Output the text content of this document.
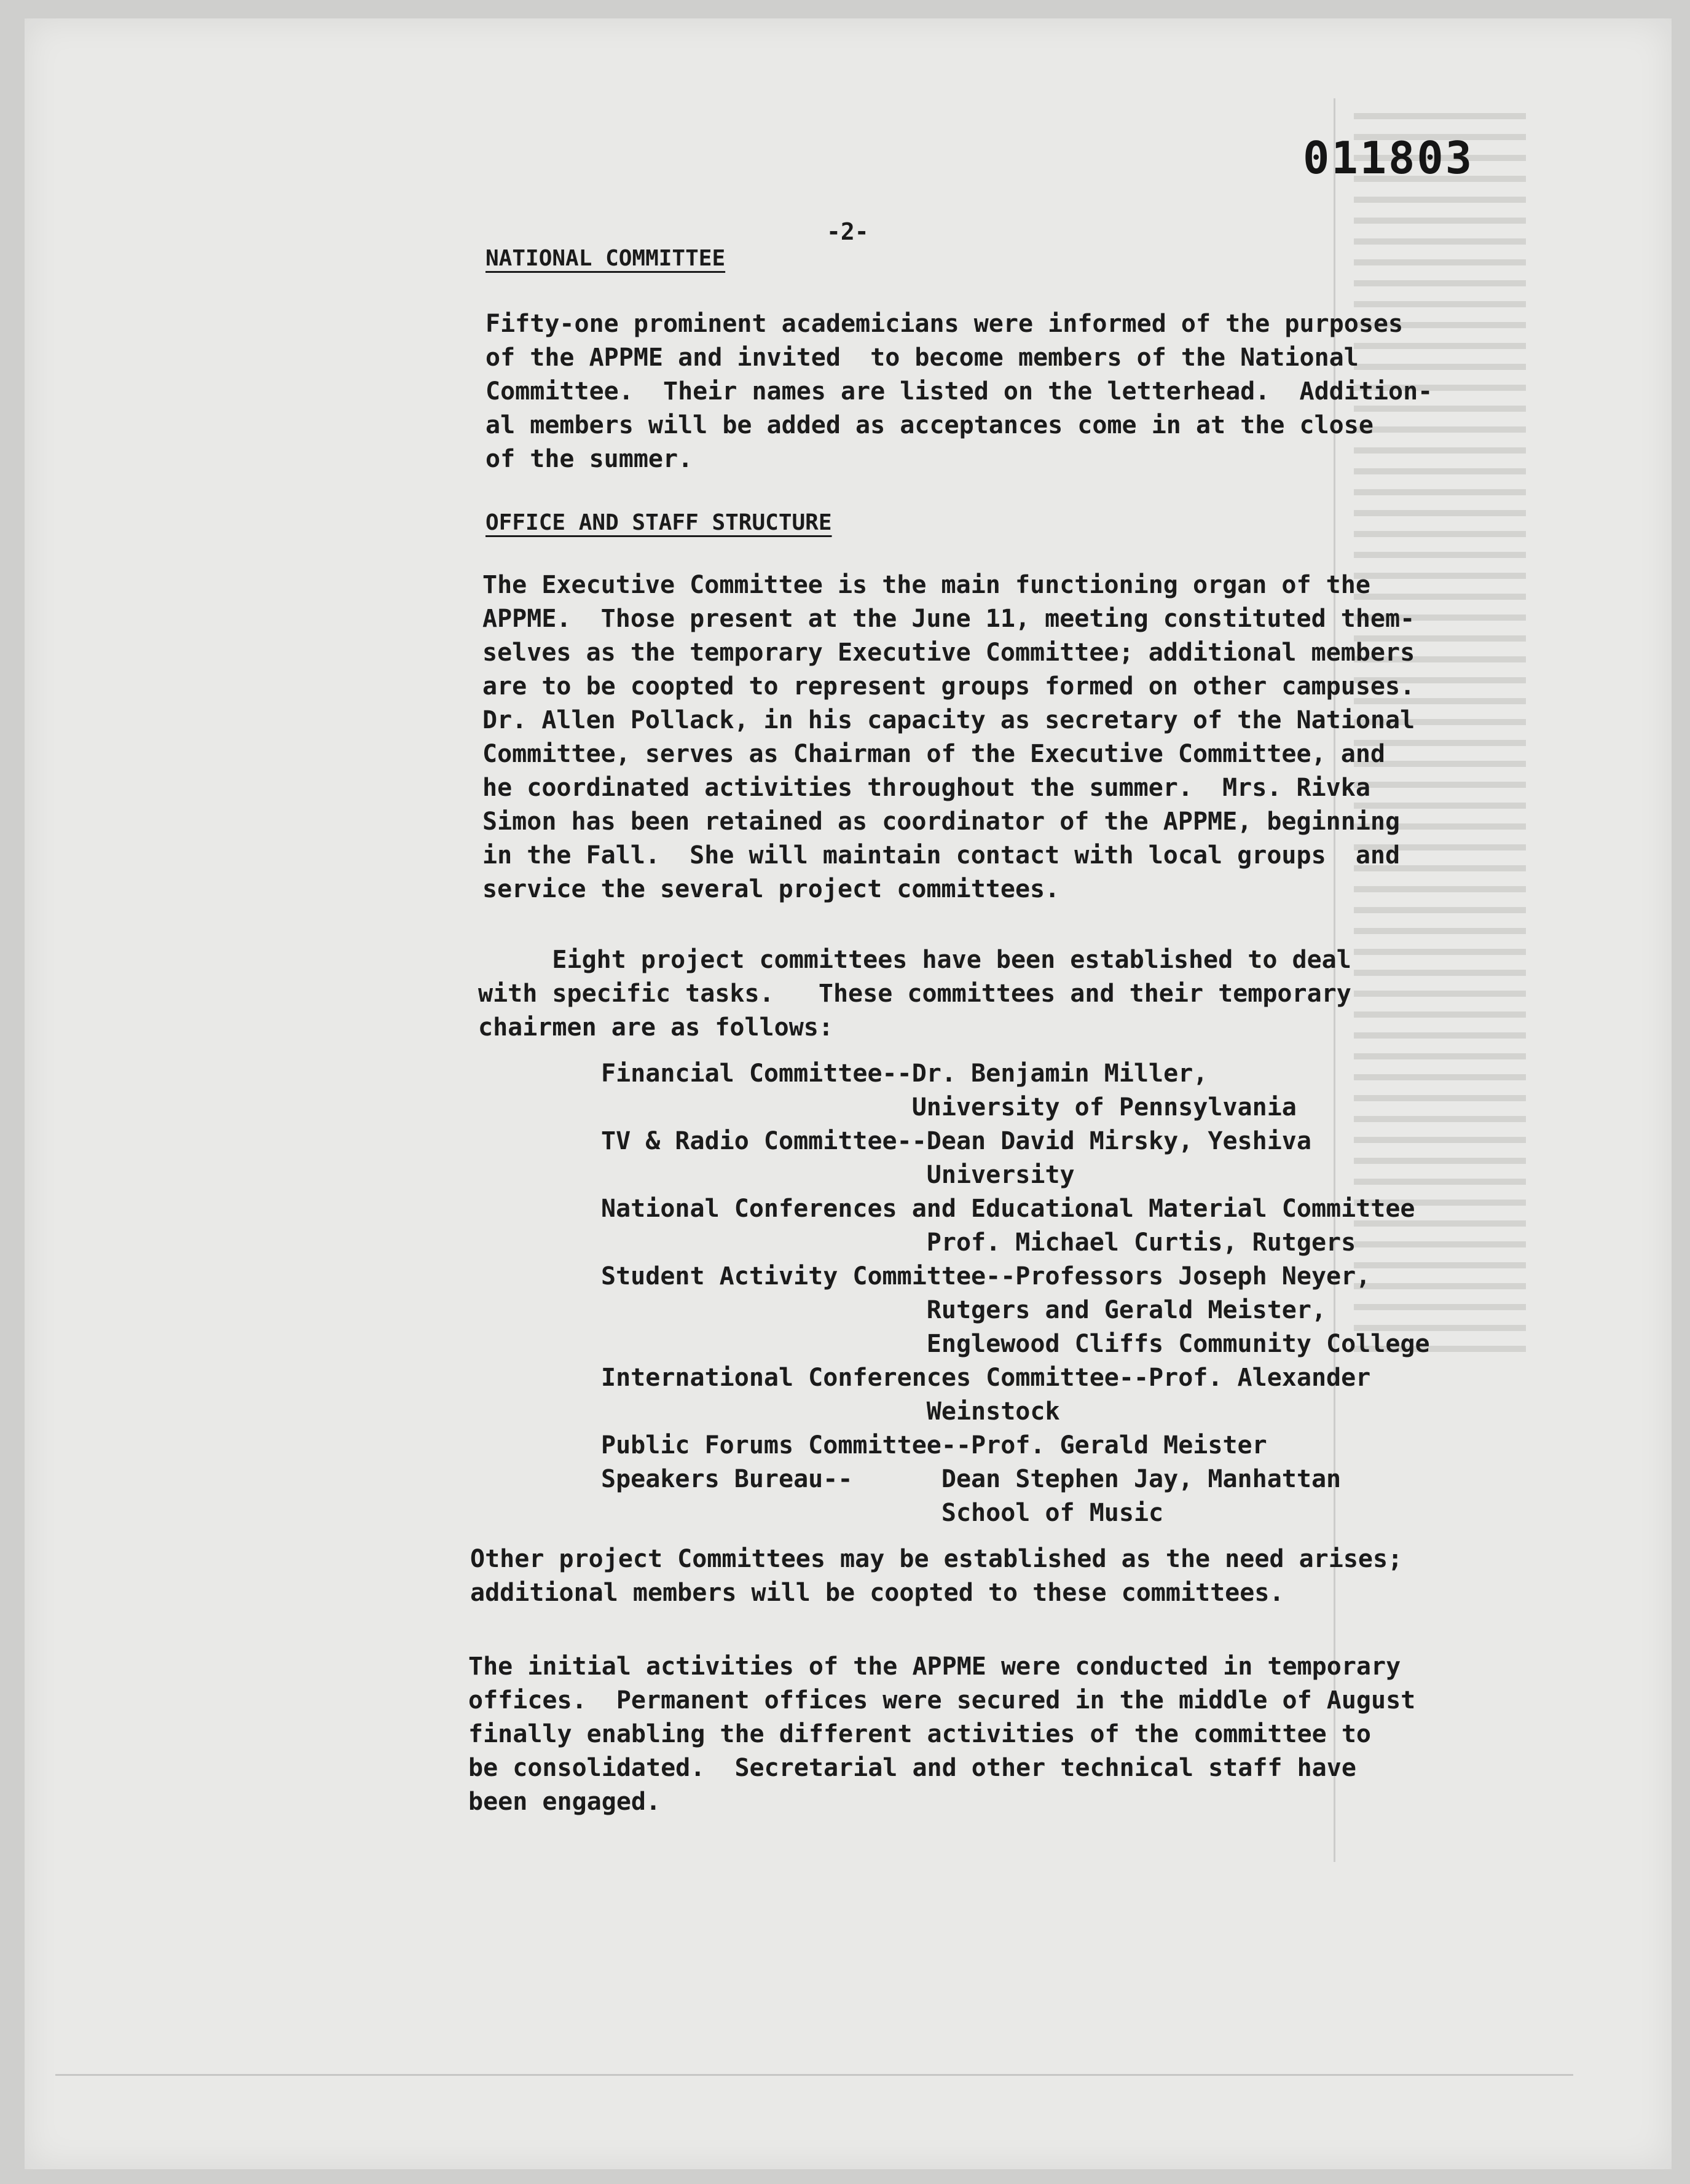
011803
-2-
NATIONAL COMMITTEE
Fifty-one prominent academicians were informed of the purposes
of the APPME and invited  to become members of the National
Committee.  Their names are listed on the letterhead.  Addition-
al members will be added as acceptances come in at the close
of the summer.
OFFICE AND STAFF STRUCTURE
The Executive Committee is the main functioning organ of the
APPME.  Those present at the June 11, meeting constituted them-
selves as the temporary Executive Committee; additional members
are to be coopted to represent groups formed on other campuses.
Dr. Allen Pollack, in his capacity as secretary of the National
Committee, serves as Chairman of the Executive Committee, and
he coordinated activities throughout the summer.  Mrs. Rivka
Simon has been retained as coordinator of the APPME, beginning
in the Fall.  She will maintain contact with local groups  and
service the several project committees.
Eight project committees have been established to deal
with specific tasks.   These committees and their temporary
chairmen are as follows:
Financial Committee--Dr. Benjamin Miller,
University of Pennsylvania
TV & Radio Committee--Dean David Mirsky, Yeshiva
University
National Conferences and Educational Material Committee
Prof. Michael Curtis, Rutgers
Student Activity Committee--Professors Joseph Neyer,
Rutgers and Gerald Meister,
Englewood Cliffs Community College
International Conferences Committee--Prof. Alexander
Weinstock
Public Forums Committee--Prof. Gerald Meister
Speakers Bureau--      Dean Stephen Jay, Manhattan
School of Music
Other project Committees may be established as the need arises;
additional members will be coopted to these committees.
The initial activities of the APPME were conducted in temporary
offices.  Permanent offices were secured in the middle of August
finally enabling the different activities of the committee to
be consolidated.  Secretarial and other technical staff have
been engaged.
